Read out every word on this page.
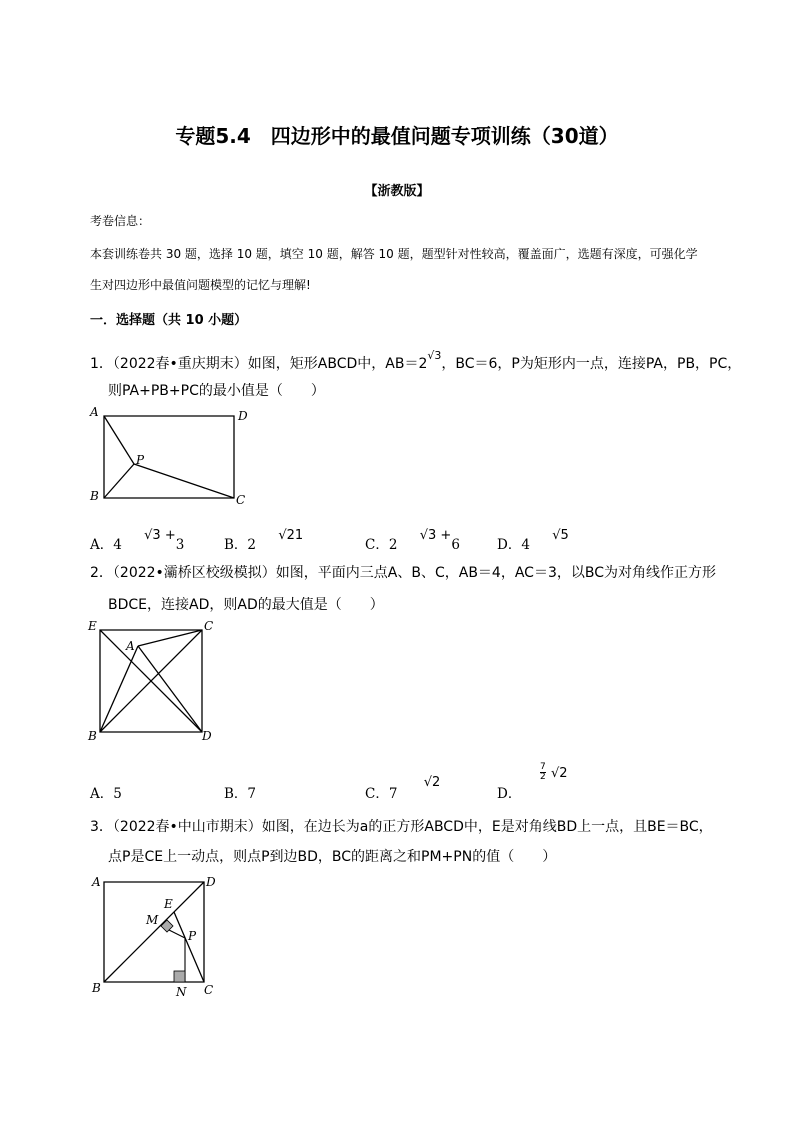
专题5.4　四边形中的最值问题专项训练（30道）
【浙教版】
考卷信息：
本套训练卷共 30 题，选择 10 题，填空 10 题，解答 10 题，题型针对性较高，覆盖面广，选题有深度，可强化学
生对四边形中最值问题模型的记忆与理解!
一．选择题（共 10 小题）
1．（2022春•重庆期末）如图，矩形ABCD中，$AB=2^{√3}$，BC＝6，P为矩形内一点，连接PA，PB，PC，
则PA+PB+PC的最小值是（　　）
A	D
B	C
P
A．4 √3 +3	B．2 √21
C．2 √3 +6	D．4 √5
2．（2022•灞桥区校级模拟）如图，平面内三点A、B、C，AB＝4，AC＝3，以BC为对角线作正方形
BDCE，连接AD，则AD的最大值是（　　）
E	C
A
B	D
A．5	B．7	C．7 √2
D．
7
2 √2
3．（2022春•中山市期末）如图，在边长为a的正方形ABCD中，E是对角线BD上一点，且BE＝BC，
点P是CE上一动点，则点P到边BD，BC的距离之和PM+PN的值（　　）
A	D
E
M
P
B	N C
